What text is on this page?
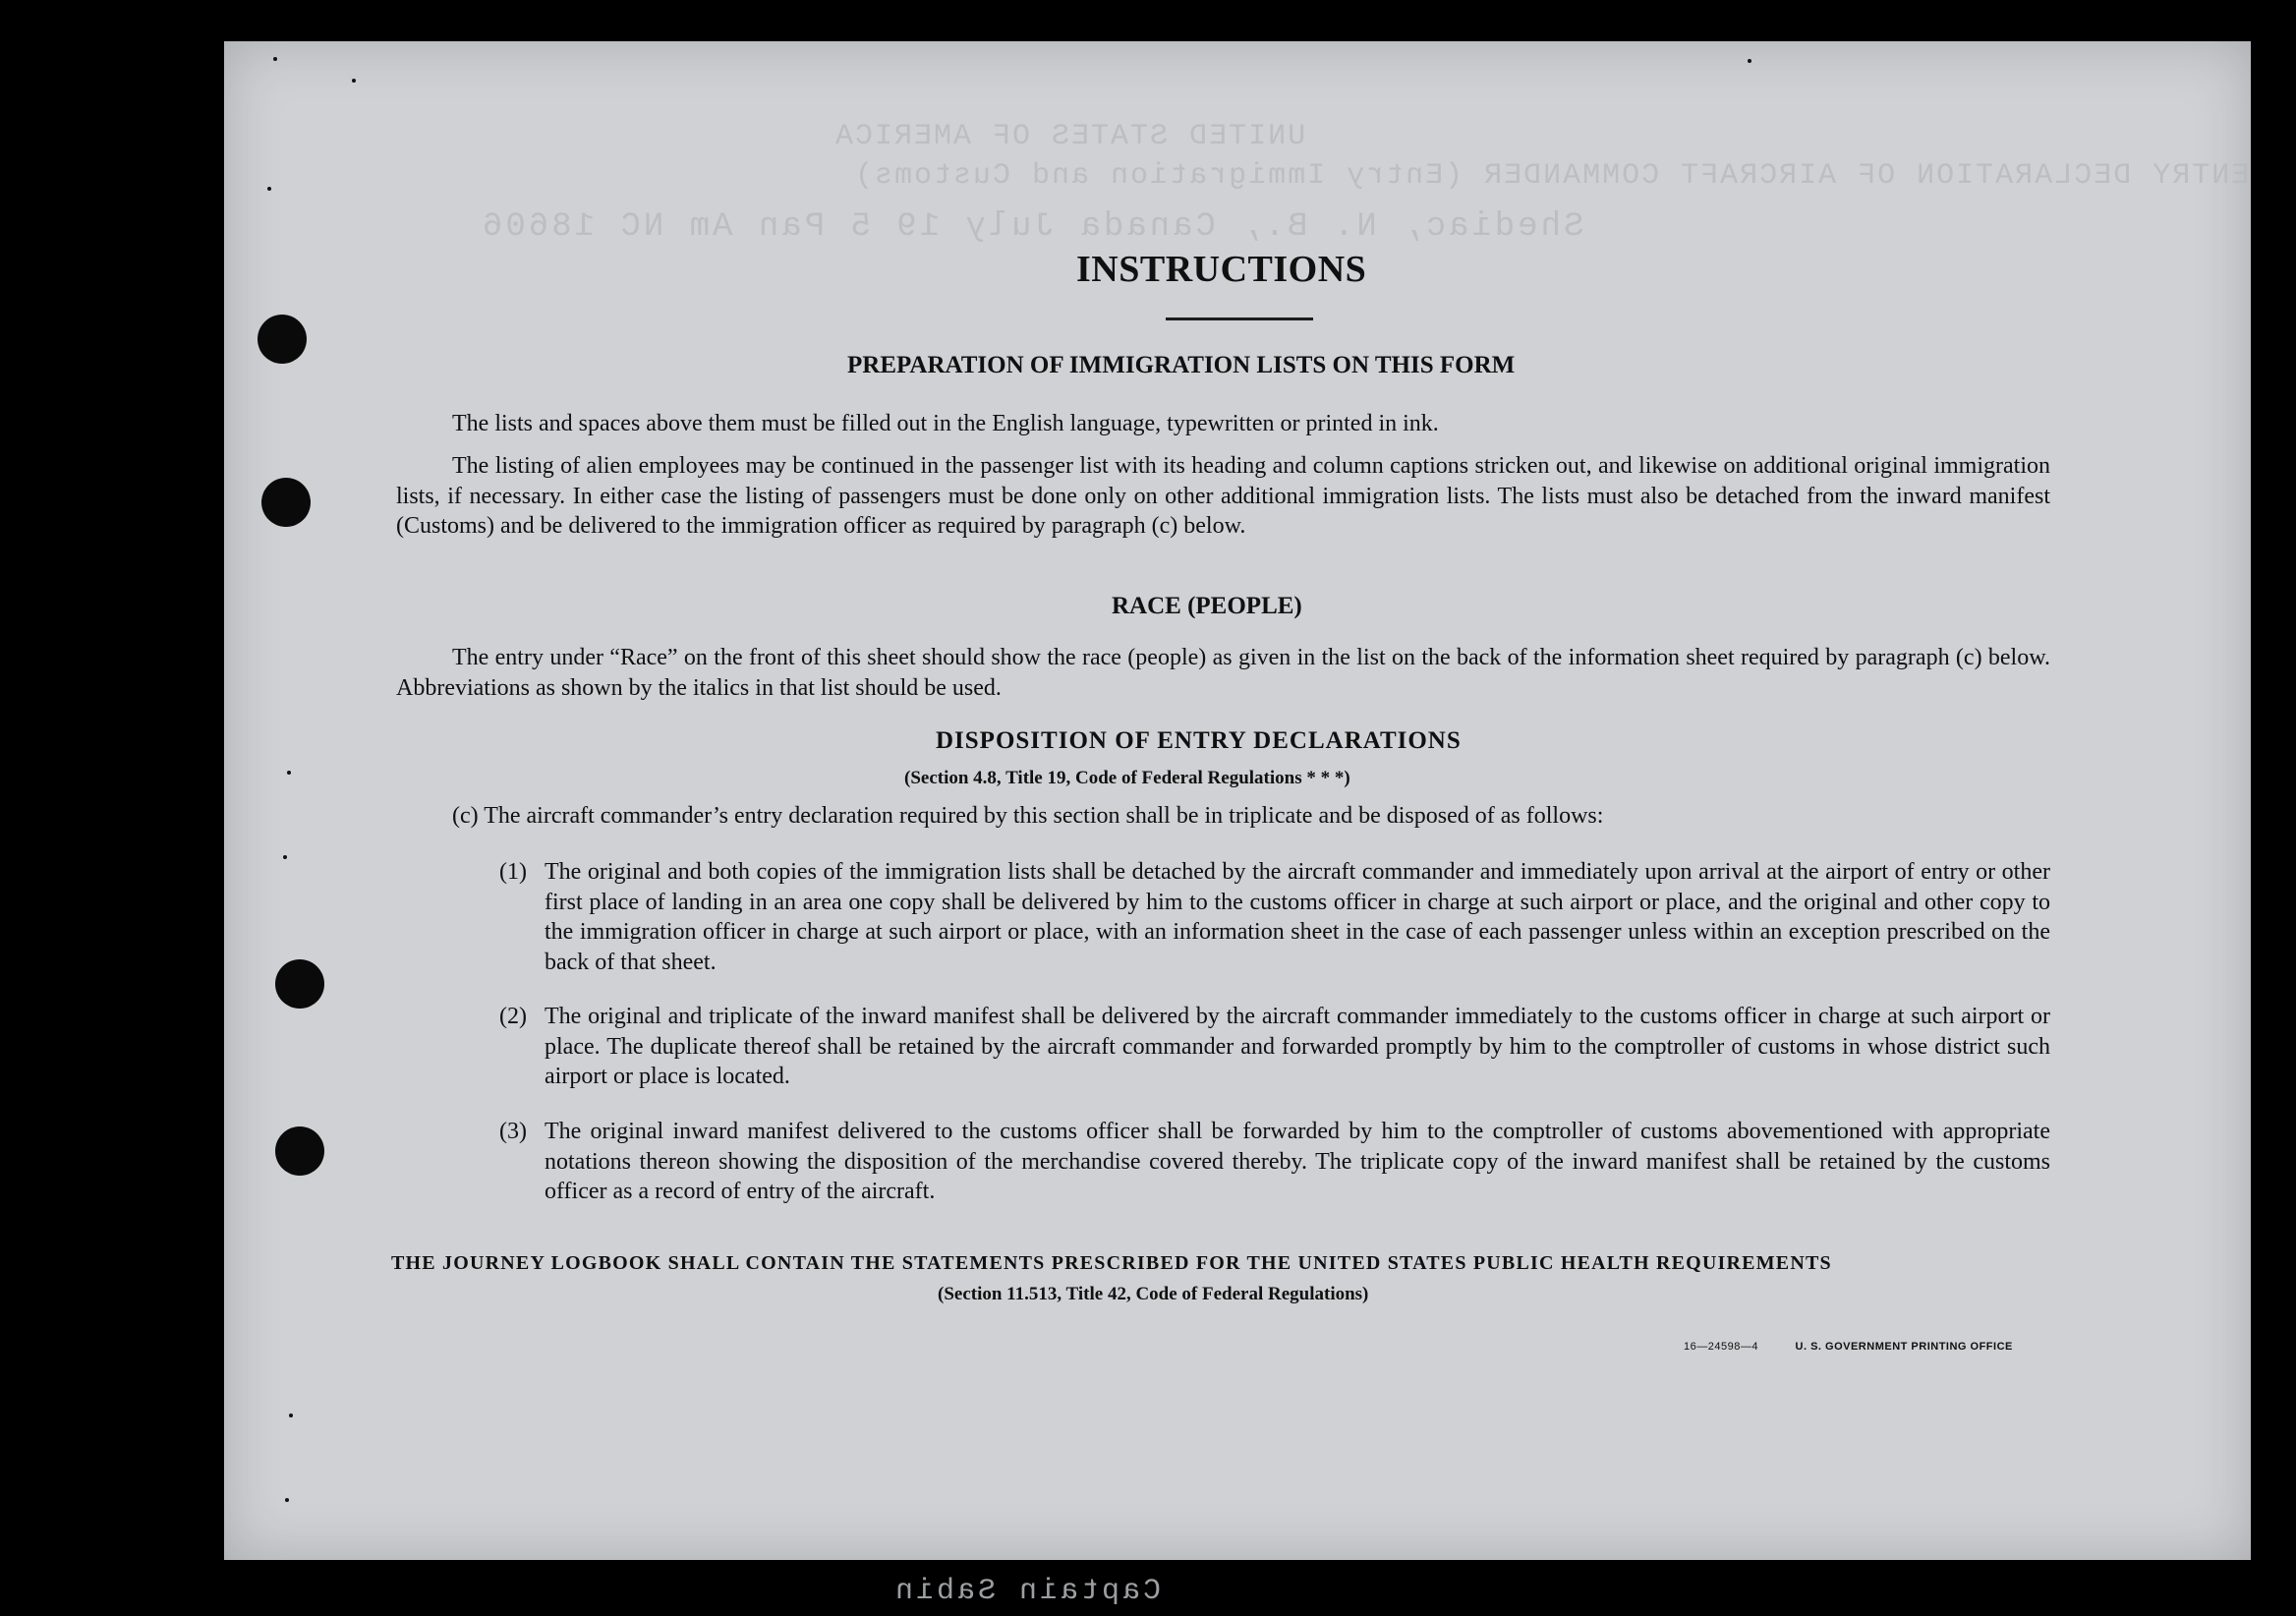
UNITED STATES OF AMERICA
ENTRY DECLARATION OF AIRCRAFT COMMANDER (Entry Immigration and Customs)
Shediac, N. B., Canada July 19 5 Pan Am NC 18606
Captain Sabin
INSTRUCTIONS
PREPARATION OF IMMIGRATION LISTS ON THIS FORM
The lists and spaces above them must be filled out in the English language, typewritten or printed in ink.
The listing of alien employees may be continued in the passenger list with its heading and column captions stricken out, and likewise on additional original immigration lists, if necessary. In either case the listing of passengers must be done only on other additional immigration lists. The lists must also be detached from the inward manifest (Customs) and be delivered to the immigration officer as required by paragraph (c) below.
RACE (PEOPLE)
The entry under “Race” on the front of this sheet should show the race (people) as given in the list on the back of the information sheet required by paragraph (c) below. Abbreviations as shown by the italics in that list should be used.
DISPOSITION OF ENTRY DECLARATIONS
(Section 4.8, Title 19, Code of Federal Regulations * * *)
(c) The aircraft commander’s entry declaration required by this section shall be in triplicate and be disposed of as follows:
(1) The original and both copies of the immigration lists shall be detached by the aircraft commander and immediately upon arrival at the airport of entry or other first place of landing in an area one copy shall be delivered by him to the customs officer in charge at such airport or place, and the original and other copy to the immigration officer in charge at such airport or place, with an information sheet in the case of each passenger unless within an exception prescribed on the back of that sheet.
(2) The original and triplicate of the inward manifest shall be delivered by the aircraft commander immediately to the customs officer in charge at such airport or place. The duplicate thereof shall be retained by the aircraft commander and forwarded promptly by him to the comptroller of customs in whose district such airport or place is located.
(3) The original inward manifest delivered to the customs officer shall be forwarded by him to the comptroller of customs abovementioned with appropriate notations thereon showing the disposition of the merchandise covered thereby. The triplicate copy of the inward manifest shall be retained by the customs officer as a record of entry of the aircraft.
THE JOURNEY LOGBOOK SHALL CONTAIN THE STATEMENTS PRESCRIBED FOR THE UNITED STATES PUBLIC HEALTH REQUIREMENTS
(Section 11.513, Title 42, Code of Federal Regulations)
16—24598—4	U. S. GOVERNMENT PRINTING OFFICE
